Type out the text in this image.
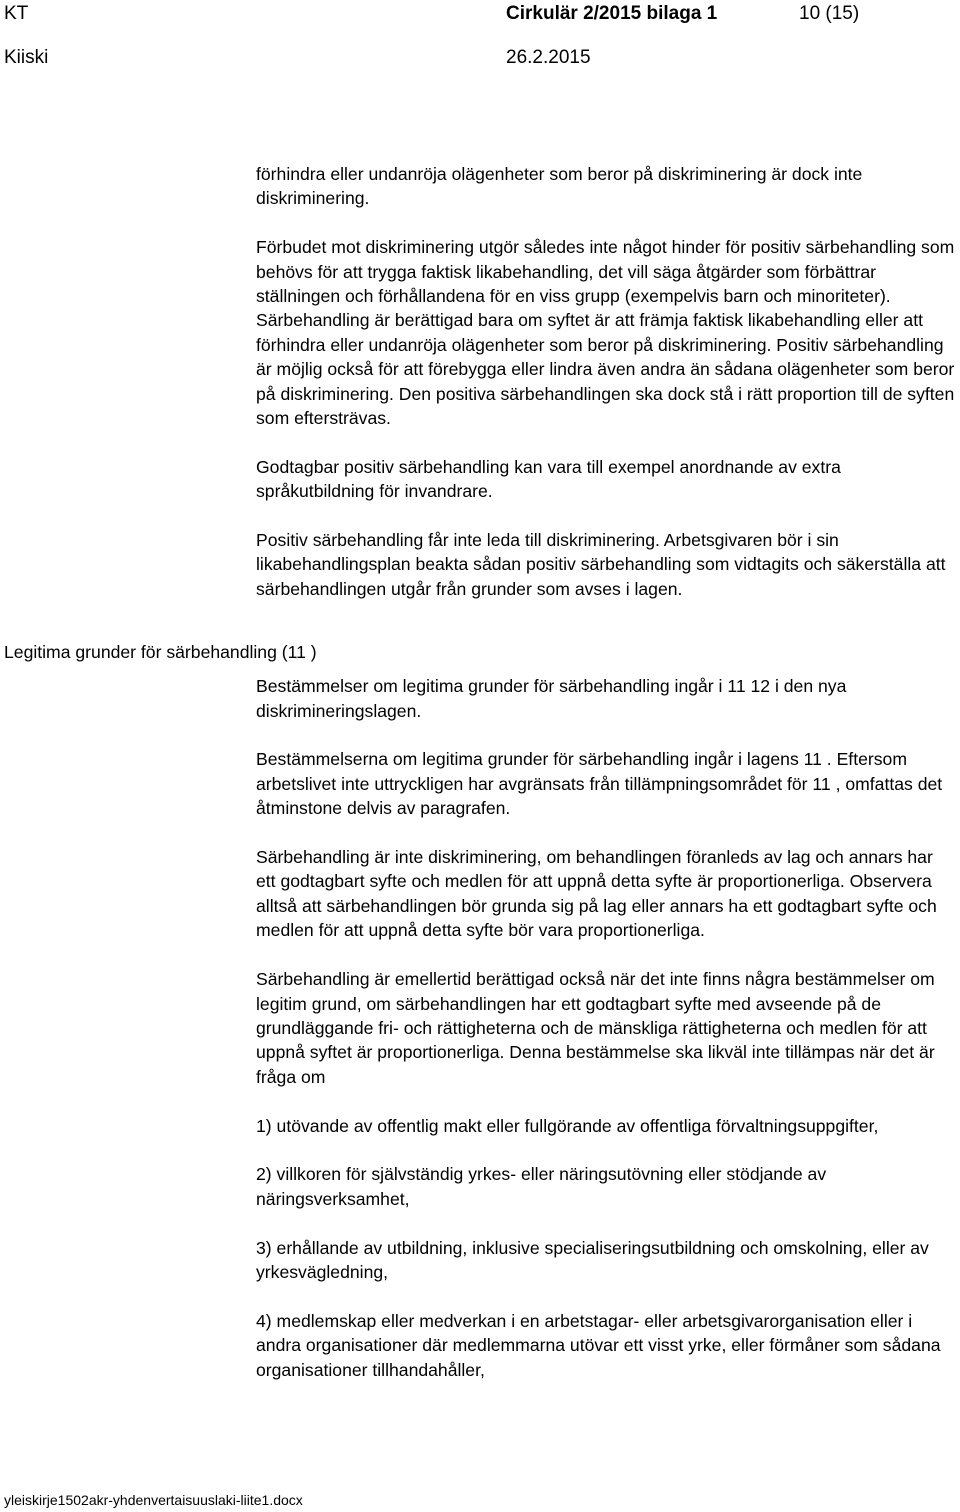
KT	Cirkulär 2/2015 bilaga 1	10 (15)
Kiiski	26.2.2015
Legitima grunder för särbehandling (11 )

förhindra eller undanröja olägenheter som beror på diskriminering är dock inte diskriminering.

Förbudet mot diskriminering utgör således inte något hinder för positiv särbehandling som behövs för att trygga faktisk likabehandling, det vill säga åtgärder som förbättrar ställningen och förhållandena för en viss grupp (exempelvis barn och minoriteter). Särbehandling är berättigad bara om syftet är att främja faktisk likabehandling eller att förhindra eller undanröja olägenheter som beror på diskriminering. Positiv särbehandling är möjlig också för att förebygga eller lindra även andra än sådana olägenheter som beror på diskriminering. Den positiva särbehandlingen ska dock stå i rätt proportion till de syften som eftersträvas.

Godtagbar positiv särbehandling kan vara till exempel anordnande av extra språkutbildning för invandrare.

Positiv särbehandling får inte leda till diskriminering. Arbetsgivaren bör i sin likabehandlingsplan beakta sådan positiv särbehandling som vidtagits och säkerställa att särbehandlingen utgår från grunder som avses i lagen.

Bestämmelser om legitima grunder för särbehandling ingår i 11 12 i den nya diskrimineringslagen.

Bestämmelserna om legitima grunder för särbehandling ingår i lagens 11 . Eftersom arbetslivet inte uttryckligen har avgränsats från tillämpningsområdet för 11 , omfattas det åtminstone delvis av paragrafen.

Särbehandling är inte diskriminering, om behandlingen föranleds av lag och annars har ett godtagbart syfte och medlen för att uppnå detta syfte är proportionerliga. Observera alltså att särbehandlingen bör grunda sig på lag eller annars ha ett godtagbart syfte och medlen för att uppnå detta syfte bör vara proportionerliga.

Särbehandling är emellertid berättigad också när det inte finns några bestämmelser om legitim grund, om särbehandlingen har ett godtagbart syfte med avseende på de grundläggande fri- och rättigheterna och de mänskliga rättigheterna och medlen för att uppnå syftet är proportionerliga. Denna bestämmelse ska likväl inte tillämpas när det är fråga om

1) utövande av offentlig makt eller fullgörande av offentliga förvaltningsuppgifter,

2) villkoren för självständig yrkes- eller näringsutövning eller stödjande av näringsverksamhet,

3) erhållande av utbildning, inklusive specialiseringsutbildning och omskolning, eller av yrkesvägledning,

4) medlemskap eller medverkan i en arbetstagar- eller arbetsgivarorganisation eller i andra organisationer där medlemmarna utövar ett visst yrke, eller förmåner som sådana organisationer tillhandahåller,

yleiskirje1502akr-yhdenvertaisuuslaki-liite1.docx
